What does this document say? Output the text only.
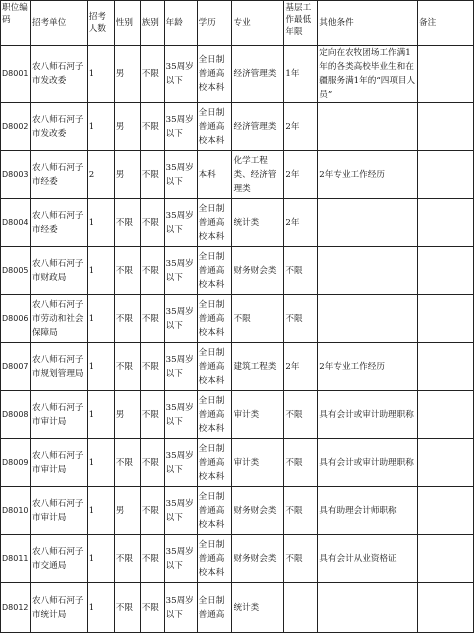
职位编码	招考单位	招考人数	性别	族别	年龄	学历	专业	基层工作最低年限	其他条件	备注
D8001	农八师石河子市发改委	1	男	不限	35周岁以下	全日制普通高校本科	经济管理类	1年	定向在农牧团场工作满1年的各类高校毕业生和在疆服务满1年的“四项目人员”	
D8002	农八师石河子市发改委	1	男	不限	35周岁以下	全日制普通高校本科	经济管理类	2年		
D8003	农八师石河子市经委	2	男	不限	35周岁以下	本科	化学工程类、经济管理类	2年	2年专业工作经历	
D8004	农八师石河子市经委	1	不限	不限	35周岁以下	全日制普通高校本科	统计类	2年		
D8005	农八师石河子市财政局	1	不限	不限	35周岁以下	全日制普通高校本科	财务财会类	不限		
D8006	农八师石河子市劳动和社会保障局	1	不限	不限	35周岁以下	全日制普通高校本科	不限	不限		
D8007	农八师石河子市规划管理局	1	不限	不限	35周岁以下	全日制普通高校本科	建筑工程类	2年	2年专业工作经历	
D8008	农八师石河子市审计局	1	男	不限	35周岁以下	全日制普通高校本科	审计类	不限	具有会计或审计助理职称	
D8009	农八师石河子市审计局	1	不限	不限	35周岁以下	全日制普通高校本科	审计类	不限	具有会计或审计助理职称	
D8010	农八师石河子市审计局	1	男	不限	35周岁以下	全日制普通高校本科	财务财会类	不限	具有助理会计师职称	
D8011	农八师石河子市交通局	1	不限	不限	35周岁以下	全日制普通高校本科	财务财会类	不限	具有会计从业资格证	
D8012	农八师石河子市统计局	1	不限	不限	35周岁以下	全日制普通高	统计类			
